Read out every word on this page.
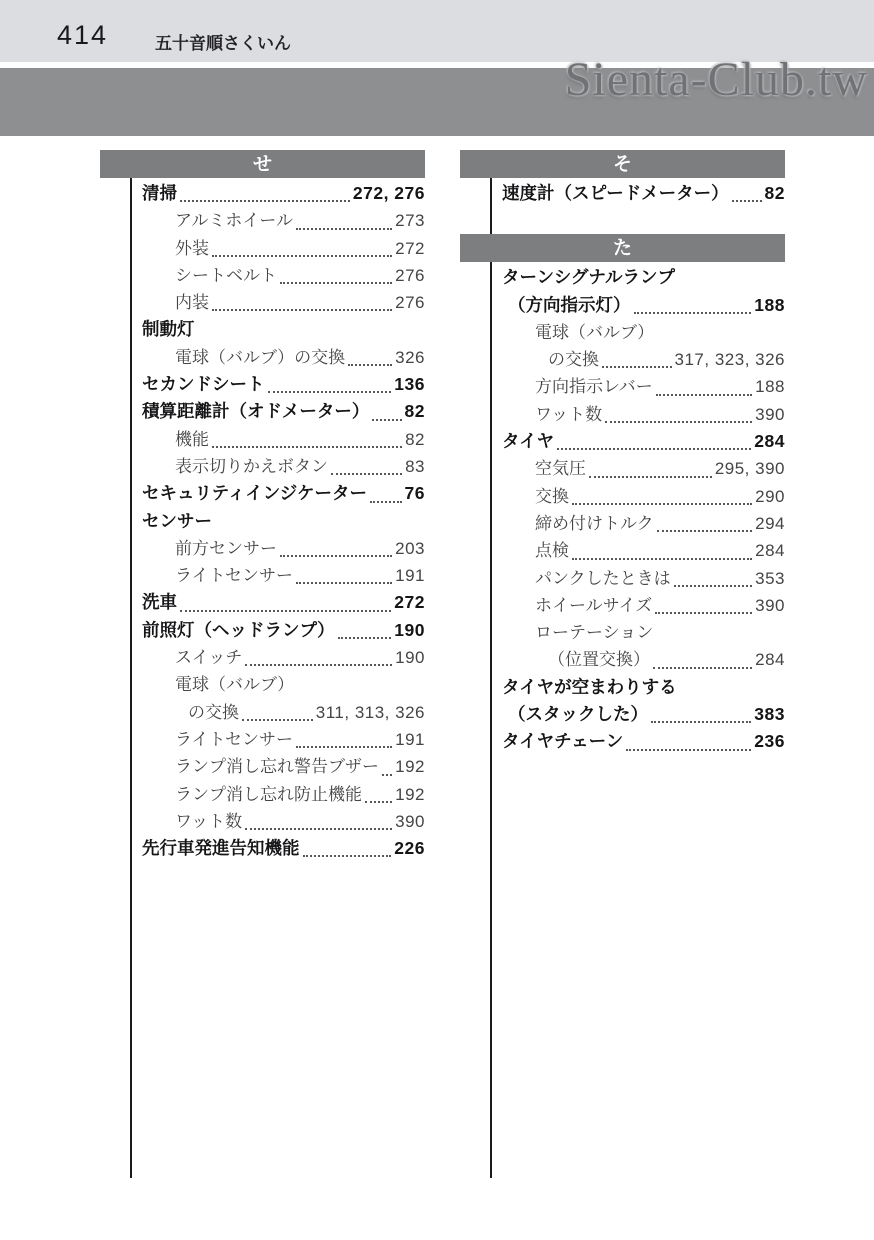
414	五十音順さくいん
Sienta-Club.tw
せ
清掃	272, 276
アルミホイール	273
外装	272
シートベルト	276
内装	276
制動灯
電球（バルブ）の交換	326
セカンドシート	136
積算距離計（オドメーター） 82
機能	82
表示切りかえボタン	83
セキュリティインジケーター 76
センサー
前方センサー	203
ライトセンサー	191
洗車	272
前照灯（ヘッドランプ）	190
スイッチ	190
電球（バルブ）
の交換	311, 313, 326
ライトセンサー	191
ランプ消し忘れ警告ブザー 192
ランプ消し忘れ防止機能 192
ワット数	390
先行車発進告知機能	226
そ
速度計（スピードメーター） 82
た
ターンシグナルランプ
（方向指示灯）	188
電球（バルブ）
の交換	317, 323, 326
方向指示レバー	188
ワット数	390
タイヤ	284
空気圧	295, 390
交換	290
締め付けトルク	294
点検	284
パンクしたときは	353
ホイールサイズ	390
ローテーション
（位置交換）	284
タイヤが空まわりする
（スタックした）	383
タイヤチェーン	236
